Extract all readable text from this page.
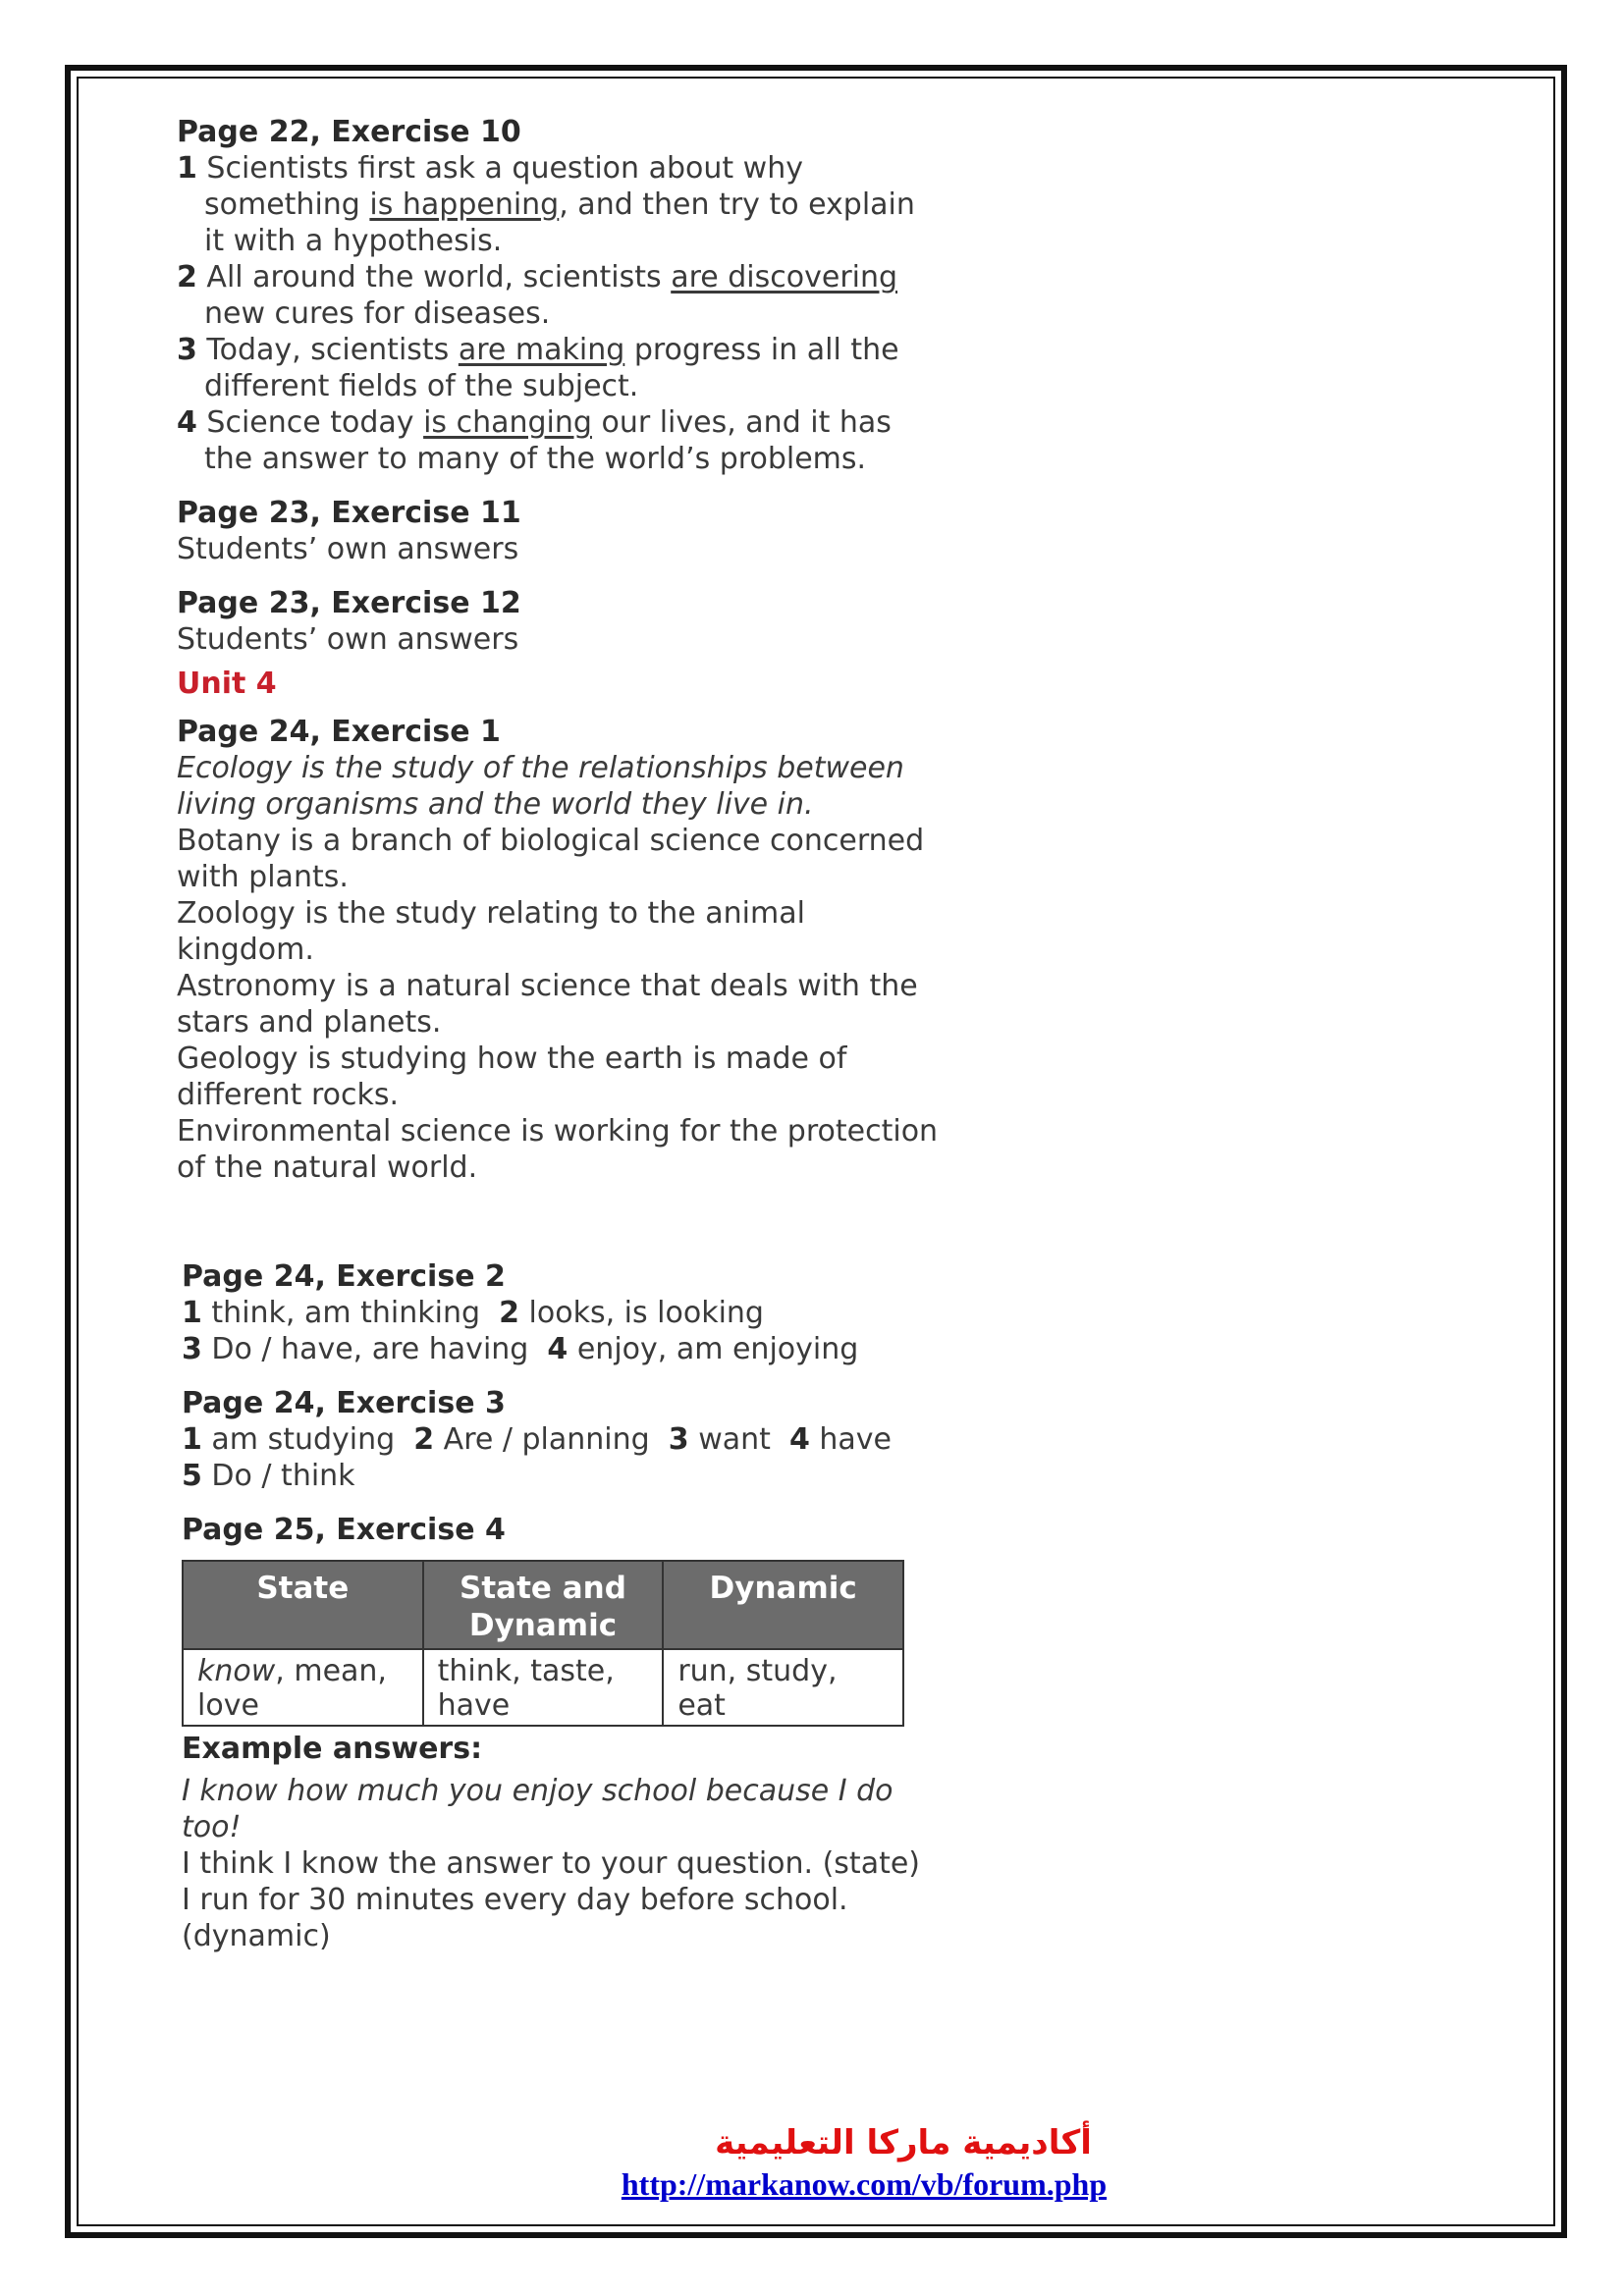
Page 22, Exercise 10

1 Scientists first ask a question about why something is happening, and then try to explain it with a hypothesis.

2 All around the world, scientists are discovering new cures for diseases.

3 Today, scientists are making progress in all the different fields of the subject.

4 Science today is changing our lives, and it has the answer to many of the world’s problems.

Page 23, Exercise 11

Students’ own answers

Page 23, Exercise 12

Students’ own answers

Unit 4

Page 24, Exercise 1

Ecology is the study of the relationships between living organisms and the world they live in.

Botany is a branch of biological science concerned with plants.

Zoology is the study relating to the animal kingdom.

Astronomy is a natural science that deals with the stars and planets.

Geology is studying how the earth is made of different rocks.

Environmental science is working for the protection of the natural world.

Page 24, Exercise 2

1 think, am thinking 2 looks, is looking

3 Do / have, are having 4 enjoy, am enjoying

Page 24, Exercise 3

1 am studying 2 Are / planning 3 want 4 have

5 Do / think

Page 25, Exercise 4

State	State and Dynamic	Dynamic
know, mean, love	think, taste, have	run, study, eat

Example answers:

I know how much you enjoy school because I do too!

I think I know the answer to your question. (state)

I run for 30 minutes every day before school. (dynamic)

أكاديمية ماركا التعليمية
http://markanow.com/vb/forum.php
